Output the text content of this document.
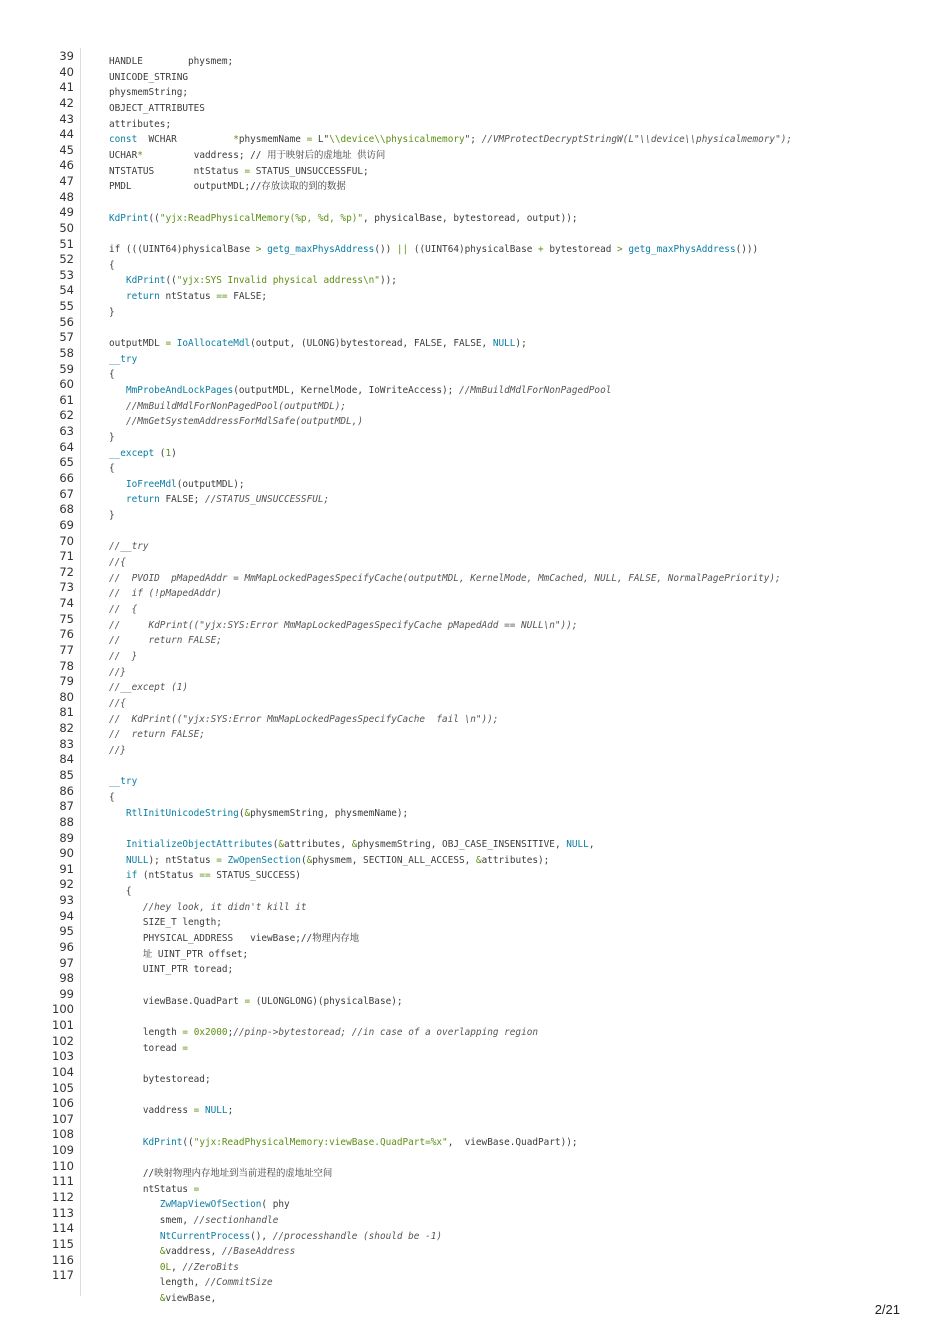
39
40
41
42
43
44
45
46
47
48
49
50
51
52
53
54
55
56
57
58
59
60
61
62
63
64
65
66
67
68
69
70
71
72
73
74
75
76
77
78
79
80
81
82
83
84
85
86
87
88
89
90
91
92
93
94
95
96
97
98
99
100
101
102
103
104
105
106
107
108
109
110
111
112
113
114
115
116
117
HANDLE        physmem;
UNICODE_STRING
physmemString;
OBJECT_ATTRIBUTES
attributes;
const  WCHAR          *physmemName = L"\\device\\physicalmemory"; //VMProtectDecryptStringW(L"\\device\\physicalmemory");
UCHAR*         vaddress; // 用于映射后的虚地址 供访问
NTSTATUS       ntStatus = STATUS_UNSUCCESSFUL;
PMDL           outputMDL;//存放读取的到的数据
KdPrint(("yjx:ReadPhysicalMemory(%p, %d, %p)", physicalBase, bytestoread, output));
if (((UINT64)physicalBase > getg_maxPhysAddress()) || ((UINT64)physicalBase + bytestoread > getg_maxPhysAddress()))
{
KdPrint(("yjx:SYS Invalid physical address\n"));
return ntStatus == FALSE;
}
outputMDL = IoAllocateMdl(output, (ULONG)bytestoread, FALSE, FALSE, NULL);
__try
{
MmProbeAndLockPages(outputMDL, KernelMode, IoWriteAccess); //MmBuildMdlForNonPagedPool
//MmBuildMdlForNonPagedPool(outputMDL);
//MmGetSystemAddressForMdlSafe(outputMDL,)
}
__except (1)
{
IoFreeMdl(outputMDL);
return FALSE; //STATUS_UNSUCCESSFUL;
}
//__try
//{
//  PVOID  pMapedAddr = MmMapLockedPagesSpecifyCache(outputMDL, KernelMode, MmCached, NULL, FALSE, NormalPagePriority);
//  if (!pMapedAddr)
//  {
//     KdPrint(("yjx:SYS:Error MmMapLockedPagesSpecifyCache pMapedAdd == NULL\n"));
//     return FALSE;
//  }
//}
//__except (1)
//{
//  KdPrint(("yjx:SYS:Error MmMapLockedPagesSpecifyCache  fail \n"));
//  return FALSE;
//}
__try
{
RtlInitUnicodeString(&physmemString, physmemName);
InitializeObjectAttributes(&attributes, &physmemString, OBJ_CASE_INSENSITIVE, NULL,
NULL); ntStatus = ZwOpenSection(&physmem, SECTION_ALL_ACCESS, &attributes);
if (ntStatus == STATUS_SUCCESS)
{
//hey look, it didn't kill it
SIZE_T length;
PHYSICAL_ADDRESS   viewBase;//物理内存地
址 UINT_PTR offset;
UINT_PTR toread;
viewBase.QuadPart = (ULONGLONG)(physicalBase);
length = 0x2000;//pinp->bytestoread; //in case of a overlapping region
toread =
bytestoread;
vaddress = NULL;
KdPrint(("yjx:ReadPhysicalMemory:viewBase.QuadPart=%x",  viewBase.QuadPart));
//映射物理内存地址到当前进程的虚地址空间
ntStatus =
ZwMapViewOfSection( phy
smem, //sectionhandle
NtCurrentProcess(), //processhandle (should be -1)
&vaddress, //BaseAddress
0L, //ZeroBits
length, //CommitSize
&viewBase,
2/21
